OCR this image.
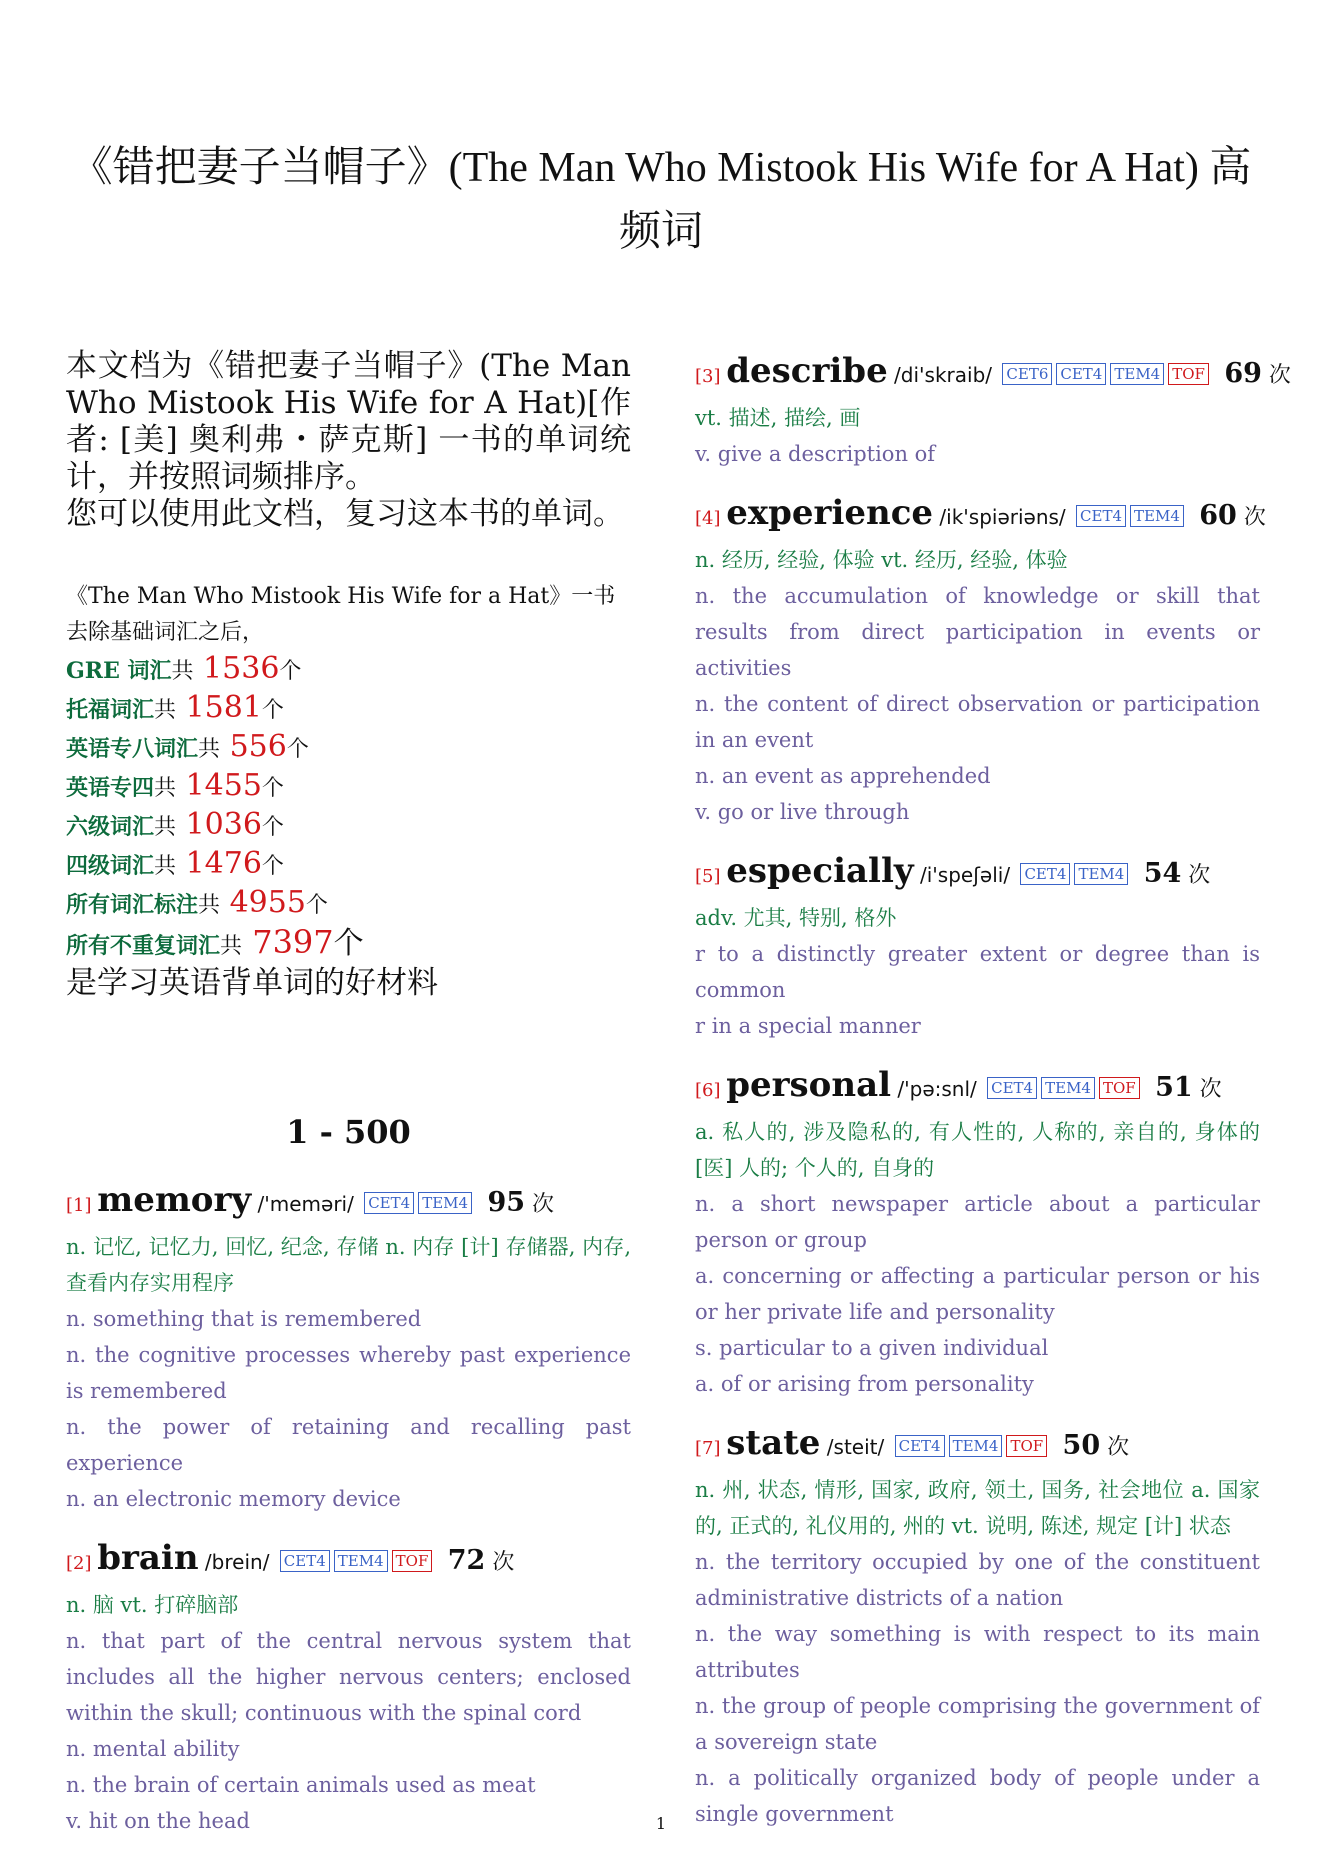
《错把妻子当帽子》(The Man Who Mistook His Wife for A Hat) 高频词

本文档为《错把妻子当帽子》(The Man Who Mistook His Wife for A Hat)[作者: [美] 奥利弗・萨克斯] 一书的单词统计，并按照词频排序。

您可以使用此文档，复习这本书的单词。

《The Man Who Mistook His Wife for a Hat》一书去除基础词汇之后，

GRE 词汇共 1536个

托福词汇共 1581个

英语专八词汇共 556个

英语专四共 1455个

六级词汇共 1036个

四级词汇共 1476个

所有词汇标注共 4955个

所有不重复词汇共 7397个

是学习英语背单词的好材料

1 - 500
[1] memory /'meməri/ CET4 TEM4 95 次
n. 记忆, 记忆力, 回忆, 纪念, 存储 n. 内存 [计] 存储器, 内存, 查看内存实用程序
n. something that is remembered
n. the cognitive processes whereby past experience is remembered
n. the power of retaining and recalling past experience
n. an electronic memory device
[2] brain /brein/ CET4 TEM4 TOF 72 次
n. 脑 vt. 打碎脑部
n. that part of the central nervous system that includes all the higher nervous centers; enclosed within the skull; continuous with the spinal cord
n. mental ability
n. the brain of certain animals used as meat
v. hit on the head
[3] describe /di'skraib/ CET6 CET4 TEM4 TOF 69 次
vt. 描述, 描绘, 画
v. give a description of
[4] experience /ik'spiəriəns/ CET4 TEM4 60 次
n. 经历, 经验, 体验 vt. 经历, 经验, 体验
n. the accumulation of knowledge or skill that results from direct participation in events or activities
n. the content of direct observation or participation in an event
n. an event as apprehended
v. go or live through
[5] especially /i'speʃəli/ CET4 TEM4 54 次
adv. 尤其, 特别, 格外
r to a distinctly greater extent or degree than is common
r in a special manner
[6] personal /'pə:snl/ CET4 TEM4 TOF 51 次
a. 私人的, 涉及隐私的, 有人性的, 人称的, 亲自的, 身体的 [医] 人的; 个人的, 自身的
n. a short newspaper article about a particular person or group
a. concerning or affecting a particular person or his or her private life and personality
s. particular to a given individual
a. of or arising from personality
[7] state /steit/ CET4 TEM4 TOF 50 次
n. 州, 状态, 情形, 国家, 政府, 领土, 国务, 社会地位 a. 国家的, 正式的, 礼仪用的, 州的 vt. 说明, 陈述, 规定 [计] 状态
n. the territory occupied by one of the constituent administrative districts of a nation
n. the way something is with respect to its main attributes
n. the group of people comprising the government of a sovereign state
n. a politically organized body of people under a single government
1
